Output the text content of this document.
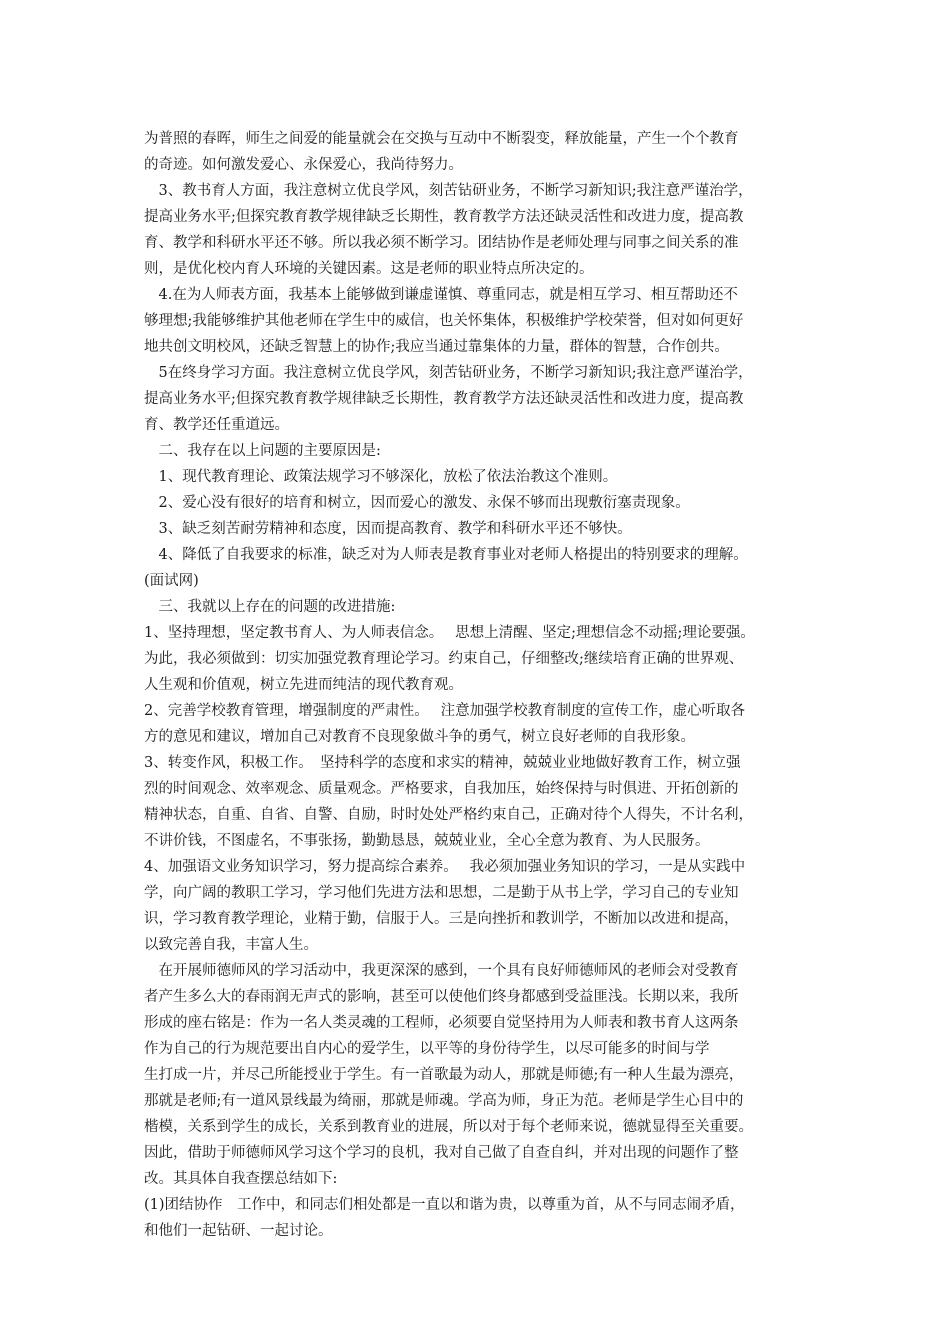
为普照的春晖，师生之间爱的能量就会在交换与互动中不断裂变，释放能量，产生一个个教育
的奇迹。如何激发爱心、永保爱心，我尚待努力。

　3、教书育人方面，我注意树立优良学风，刻苦钻研业务，不断学习新知识;我注意严谨治学，
提高业务水平;但探究教育教学规律缺乏长期性，教育教学方法还缺灵活性和改进力度，提高教
育、教学和科研水平还不够。所以我必须不断学习。团结协作是老师处理与同事之间关系的准
则，是优化校内育人环境的关键因素。这是老师的职业特点所决定的。

　4.在为人师表方面，我基本上能够做到谦虚谨慎、尊重同志，就是相互学习、相互帮助还不
够理想;我能够维护其他老师在学生中的威信，也关怀集体，积极维护学校荣誉，但对如何更好
地共创文明校风，还缺乏智慧上的协作;我应当通过靠集体的力量，群体的智慧，合作创共。

　5在终身学习方面。我注意树立优良学风，刻苦钻研业务，不断学习新知识;我注意严谨治学，
提高业务水平;但探究教育教学规律缺乏长期性，教育教学方法还缺灵活性和改进力度，提高教
育、教学还任重道远。

　二、我存在以上问题的主要原因是:

　1、现代教育理论、政策法规学习不够深化，放松了依法治教这个准则。

　2、爱心没有很好的培育和树立，因而爱心的激发、永保不够而出现敷衍塞责现象。

　3、缺乏刻苦耐劳精神和态度，因而提高教育、教学和科研水平还不够快。

　4、降低了自我要求的标准，缺乏对为人师表是教育事业对老师人格提出的特别要求的理解。
(面试网)

　三、我就以上存在的问题的改进措施:

1、坚持理想，坚定教书育人、为人师表信念。　 思想上清醒、坚定;理想信念不动摇;理论要强。
为此，我必须做到：切实加强党教育理论学习。约束自己，仔细整改;继续培育正确的世界观、
人生观和价值观，树立先进而纯洁的现代教育观。

2、完善学校教育管理，增强制度的严肃性。　 注意加强学校教育制度的宣传工作，虚心听取各
方的意见和建议，增加自己对教育不良现象做斗争的勇气，树立良好老师的自我形象。

3、转变作风，积极工作。　坚持科学的态度和求实的精神，兢兢业业地做好教育工作，树立强
烈的时间观念、效率观念、质量观念。严格要求，自我加压，始终保持与时俱进、开拓创新的
精神状态，自重、自省、自警、自励，时时处处严格约束自己，正确对待个人得失，不计名利，
不讲价钱，不图虚名，不事张扬，勤勤恳恳，兢兢业业，全心全意为教育、为人民服务。

4、加强语文业务知识学习，努力提高综合素养。　 我必须加强业务知识的学习，一是从实践中
学，向广阔的教职工学习，学习他们先进方法和思想，二是勤于从书上学，学习自己的专业知
识，学习教育教学理论，业精于勤，信服于人。三是向挫折和教训学，不断加以改进和提高，
以致完善自我，丰富人生。

　在开展师德师风的学习活动中，我更深深的感到，一个具有良好师德师风的老师会对受教育
者产生多么大的春雨润无声式的影响，甚至可以使他们终身都感到受益匪浅。长期以来，我所
形成的座右铭是：作为一名人类灵魂的工程师，必须要自觉坚持用为人师表和教书育人这两条
作为自己的行为规范要出自内心的爱学生，以平等的身份待学生，以尽可能多的时间与学
生打成一片，并尽己所能授业于学生。有一首歌最为动人，那就是师德;有一种人生最为漂亮，
那就是老师;有一道风景线最为绮丽，那就是师魂。学高为师，身正为范。老师是学生心目中的
楷模，关系到学生的成长，关系到教育业的进展，所以对于每个老师来说，德就显得至关重要。
因此，借助于师德师风学习这个学习的良机，我对自己做了自查自纠，并对出现的问题作了整
改。其具体自我查摆总结如下:

(1)团结协作　工作中，和同志们相处都是一直以和谐为贵，以尊重为首，从不与同志闹矛盾，
和他们一起钻研、一起讨论。
